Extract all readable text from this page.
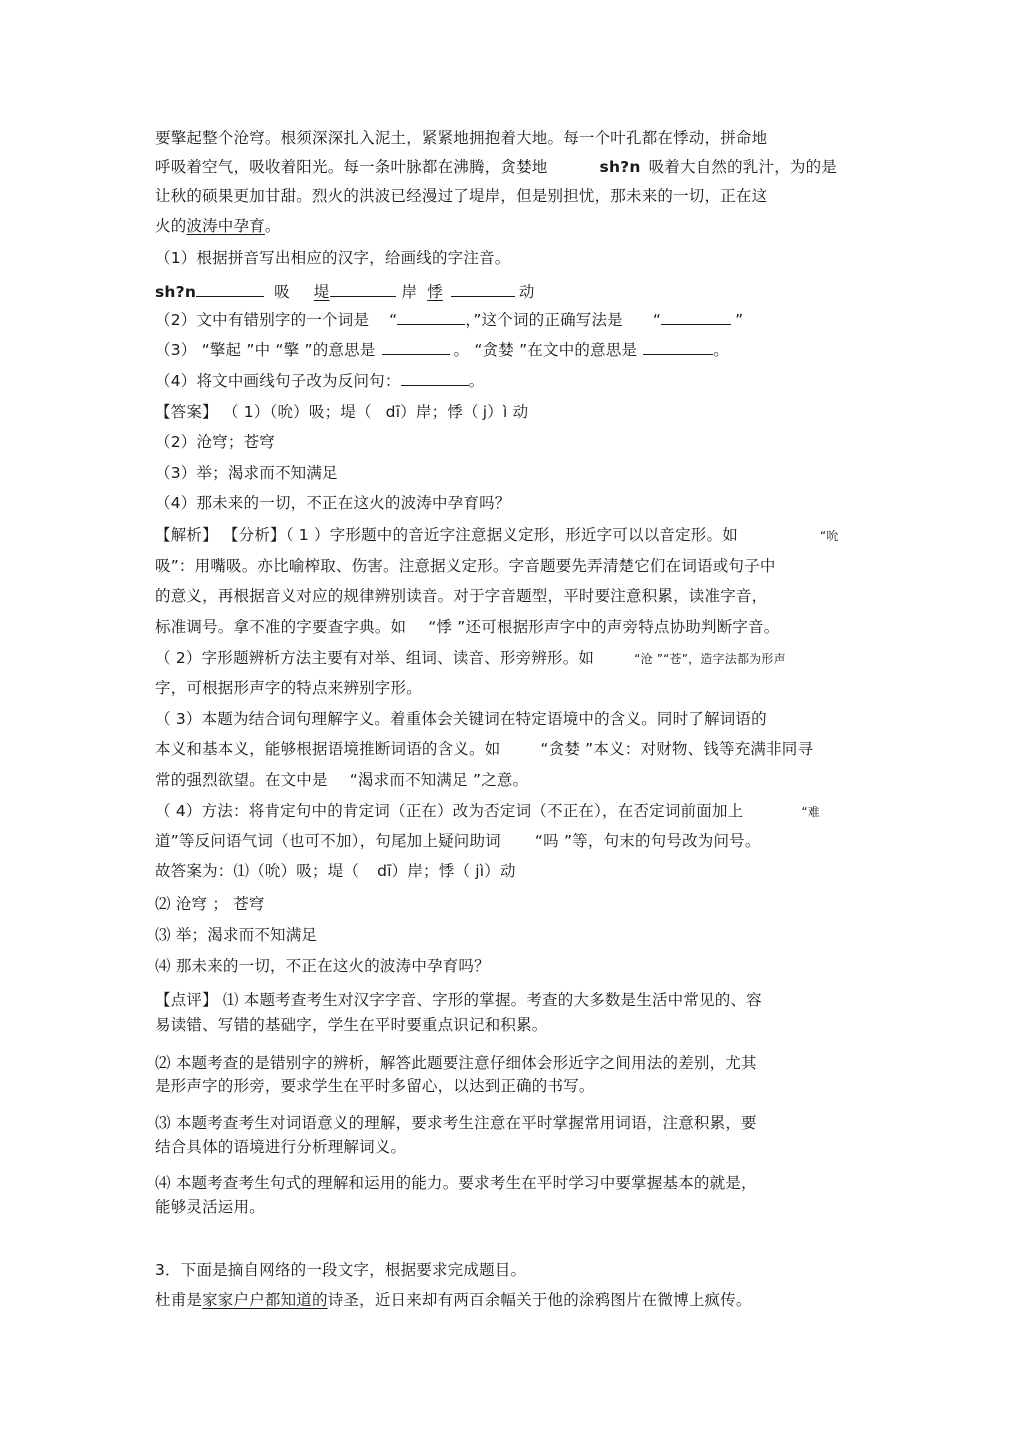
要擎起整个沧穹。根须深深扎入泥土，紧紧地拥抱着大地。每一个叶孔都在悸动，拼命地
呼吸着空气，吸收着阳光。每一条叶脉都在沸腾，贪婪地	sh?n 吸着大自然的乳汁，为的是
让秋的硕果更加甘甜。烈火的洪波已经漫过了堤岸，但是别担忧，那未来的一切，正在这
火的波涛中孕育。
（1）根据拼音写出相应的汉字，给画线的字注音。
sh?n	吸 堤	岸 悸	动
（2）文中有错别字的一个词是 “	，”这个词的正确写法是 “	”
（3） “擎起 ”中 “擎 ”的意思是	。 “贪婪 ”在文中的意思是	。
（4）将文中画线句子改为反问句：	。
【答案】 （ 1）（吮）吸；堤（ dī）岸；悸（ j）ì 动
（2）沧穹；苍穹
（3）举；渴求而不知满足
（4）那未来的一切，不正在这火的波涛中孕育吗？
【解析】 【分析】（ 1 ）字形题中的音近字注意据义定形，形近字可以以音定形。如	“吮
吸”：用嘴吸。亦比喻榨取、伤害。注意据义定形。字音题要先弄清楚它们在词语或句子中
的意义，再根据音义对应的规律辨别读音。对于字音题型，平时要注意积累，读准字音，
标准调号。拿不准的字要查字典。如 “悸 ”还可根据形声字中的声旁特点协助判断字音。
（ 2）字形题辨析方法主要有对举、组词、读音、形旁辨形。如	“沧 ”“苍”，造字法都为形声
字，可根据形声字的特点来辨别字形。
（ 3）本题为结合词句理解字义。着重体会关键词在特定语境中的含义。同时了解词语的
本义和基本义，能够根据语境推断词语的含义。如	“贪婪 ”本义：对财物、钱等充满非同寻
常的强烈欲望。在文中是 “渴求而不知满足 ”之意。
（ 4）方法：将肯定句中的肯定词（正在）改为否定词（不正在），在否定词前面加上	“难
道”等反问语气词（也可不加），句尾加上疑问助词 “吗 ”等，句末的句号改为问号。
故答案为：⑴（吮）吸；堤（ dī）岸；悸（ jì）动
⑵ 沧穹 ； 苍穹
⑶ 举；渴求而不知满足
⑷ 那未来的一切，不正在这火的波涛中孕育吗？
【点评】 ⑴ 本题考查考生对汉字字音、字形的掌握。考查的大多数是生活中常见的、容
易读错、写错的基础字，学生在平时要重点识记和积累。
⑵ 本题考查的是错别字的辨析，解答此题要注意仔细体会形近字之间用法的差别，尤其
是形声字的形旁，要求学生在平时多留心，以达到正确的书写。
⑶ 本题考查考生对词语意义的理解，要求考生注意在平时掌握常用词语，注意积累，要
结合具体的语境进行分析理解词义。
⑷ 本题考查考生句式的理解和运用的能力。要求考生在平时学习中要掌握基本的就是，
能够灵活运用。
3．下面是摘自网络的一段文字，根据要求完成题目。
杜甫是家家户户都知道的诗圣，近日来却有两百余幅关于他的涂鸦图片在微博上疯传。
